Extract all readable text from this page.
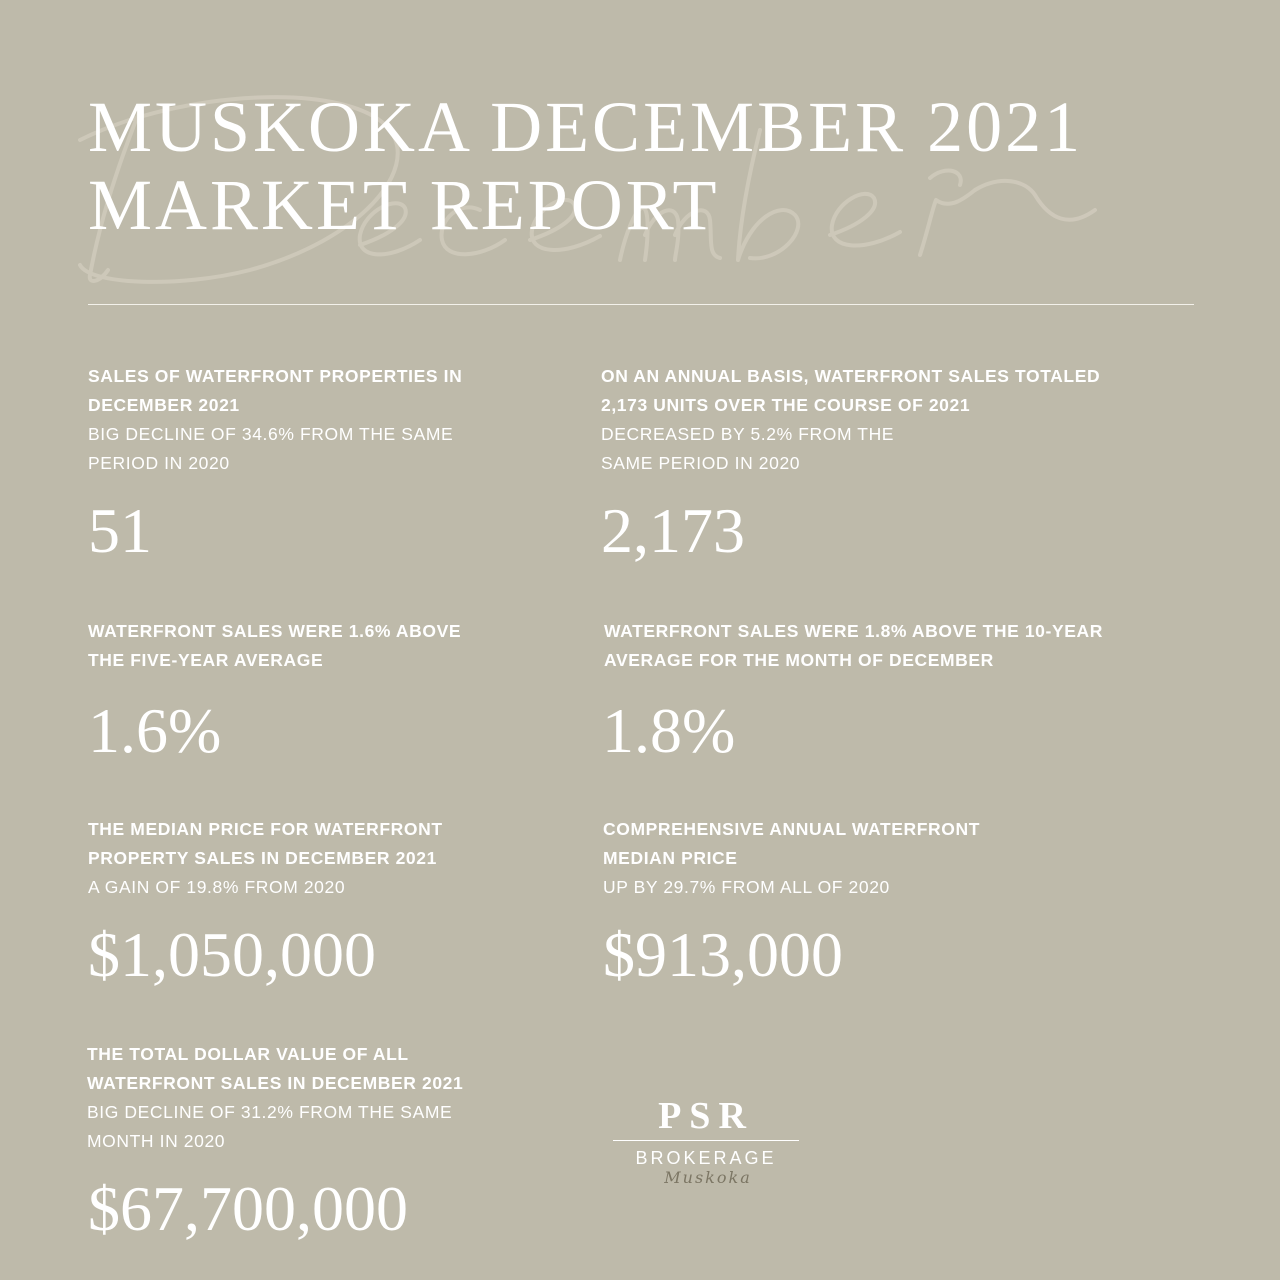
MUSKOKA DECEMBER 2021
MARKET REPORT

SALES OF WATERFRONT PROPERTIES IN
DECEMBER 2021

BIG DECLINE OF 34.6% FROM THE SAME
PERIOD IN 2020

51

ON AN ANNUAL BASIS, WATERFRONT SALES TOTALED
2,173 UNITS OVER THE COURSE OF 2021

DECREASED BY 5.2% FROM THE
SAME PERIOD IN 2020

2,173

WATERFRONT SALES WERE 1.6% ABOVE
THE FIVE-YEAR AVERAGE

1.6%

WATERFRONT SALES WERE 1.8% ABOVE THE 10-YEAR
AVERAGE FOR THE MONTH OF DECEMBER

1.8%

THE MEDIAN PRICE FOR WATERFRONT
PROPERTY SALES IN DECEMBER 2021

A GAIN OF 19.8% FROM 2020

$1,050,000

COMPREHENSIVE ANNUAL WATERFRONT
MEDIAN PRICE

UP BY 29.7% FROM ALL OF 2020

$913,000

THE TOTAL DOLLAR VALUE OF ALL
WATERFRONT SALES IN DECEMBER 2021

BIG DECLINE OF 31.2% FROM THE SAME
MONTH IN 2020

$67,700,000
PSR
BROKERAGE
Muskoka
